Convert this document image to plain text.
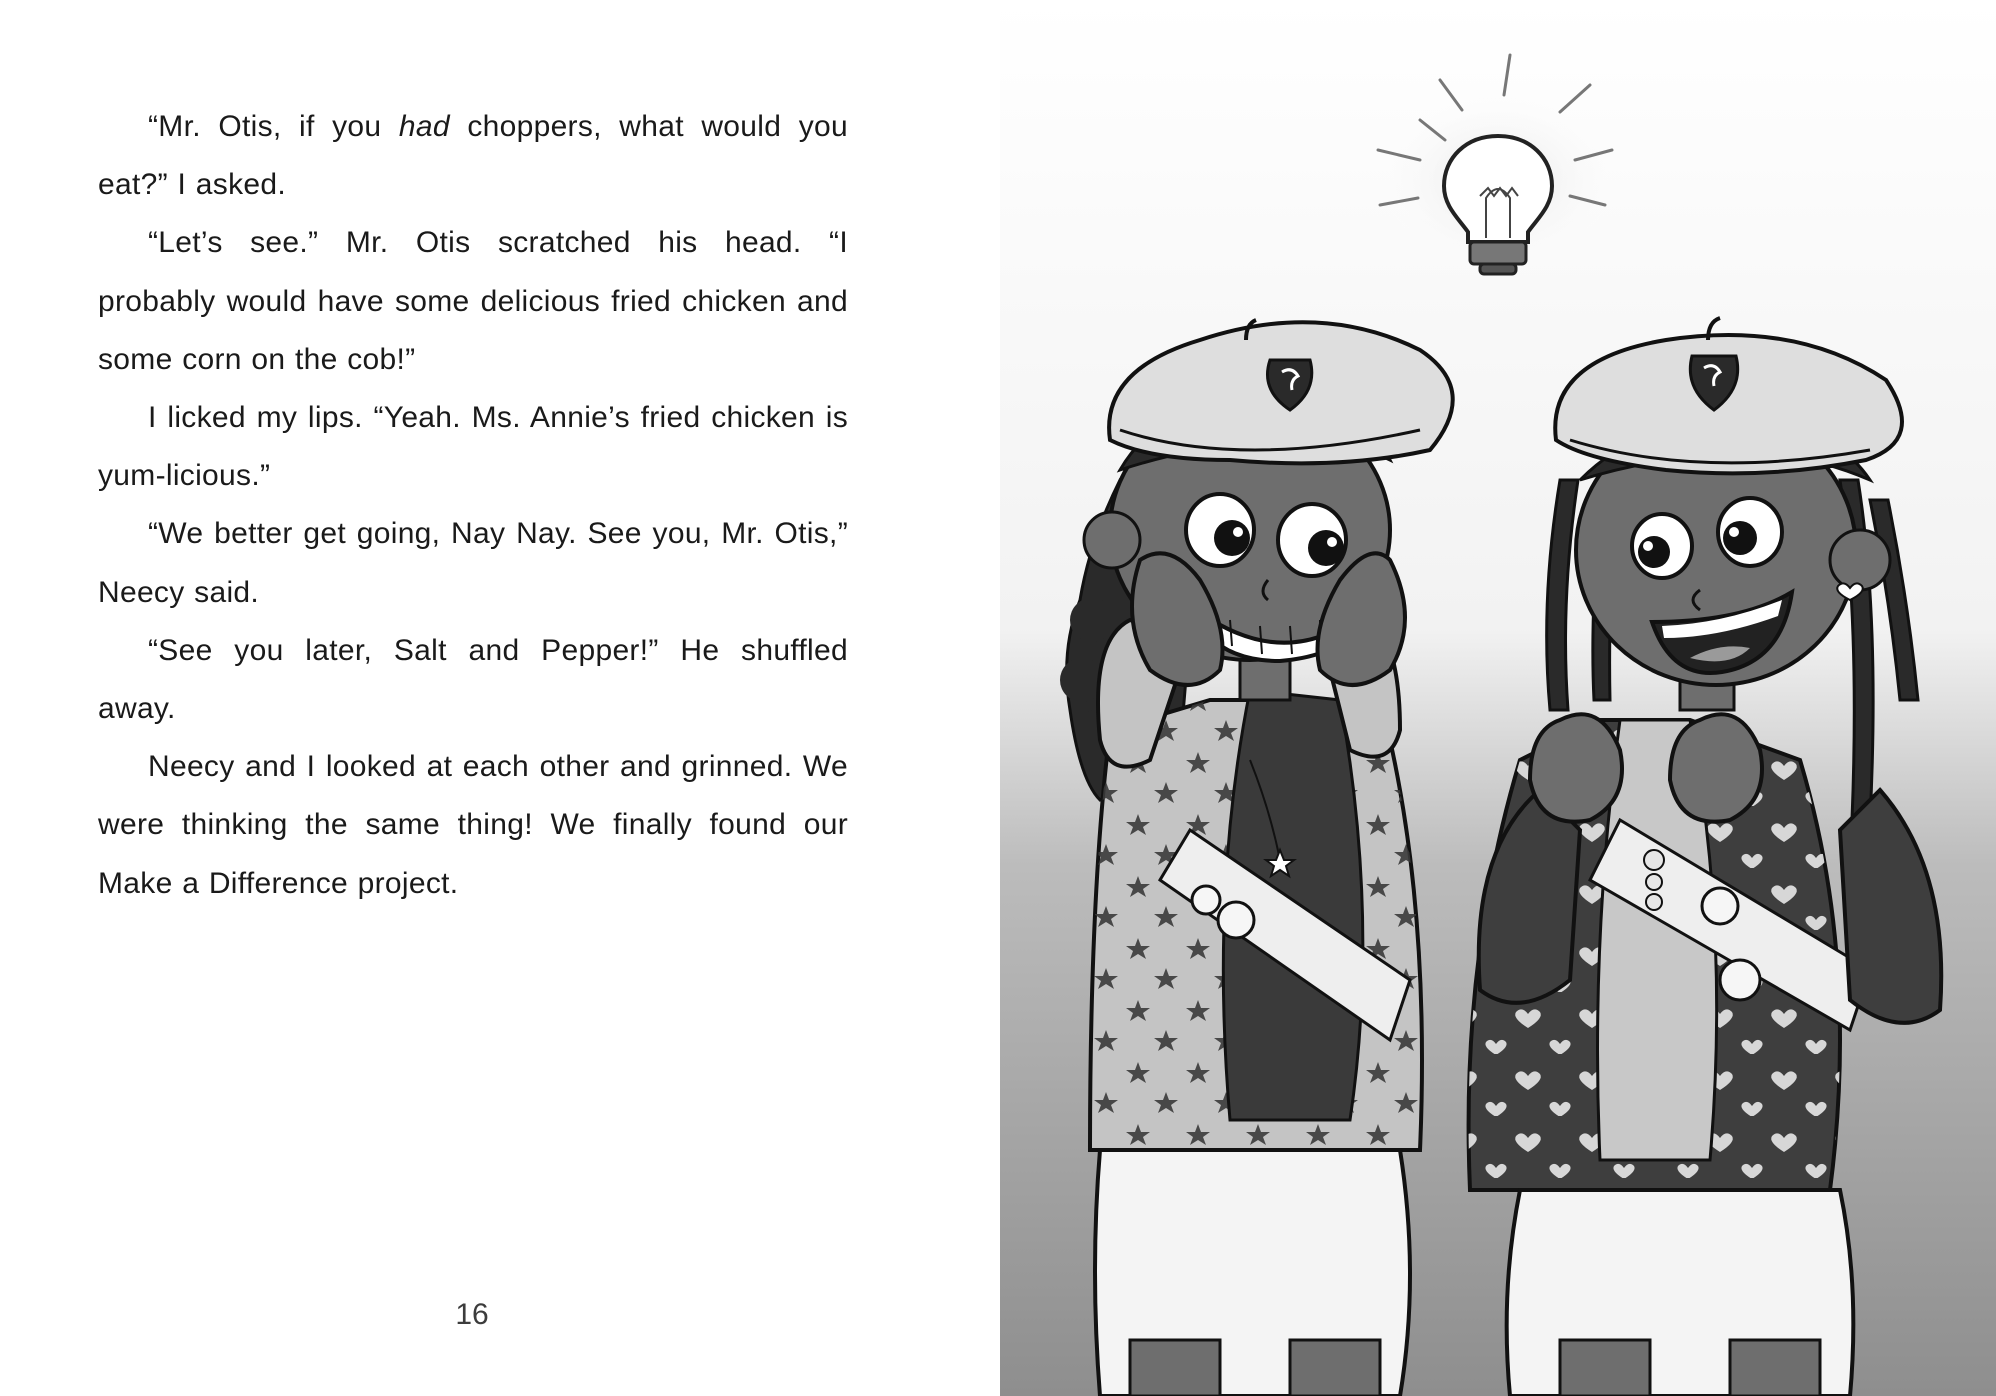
“Mr. Otis, if you had choppers, what would you eat?” I asked.

“Let’s see.” Mr. Otis scratched his head. “I probably would have some delicious fried chicken and some corn on the cob!”

I licked my lips. “Yeah. Ms. Annie’s fried chicken is yum-licious.”

“We better get going, Nay Nay. See you, Mr. Otis,” Neecy said.

“See you later, Salt and Pepper!” He shuffled away.

Neecy and I looked at each other and grinned. We were thinking the same thing! We finally found our Make a Difference project.

16
